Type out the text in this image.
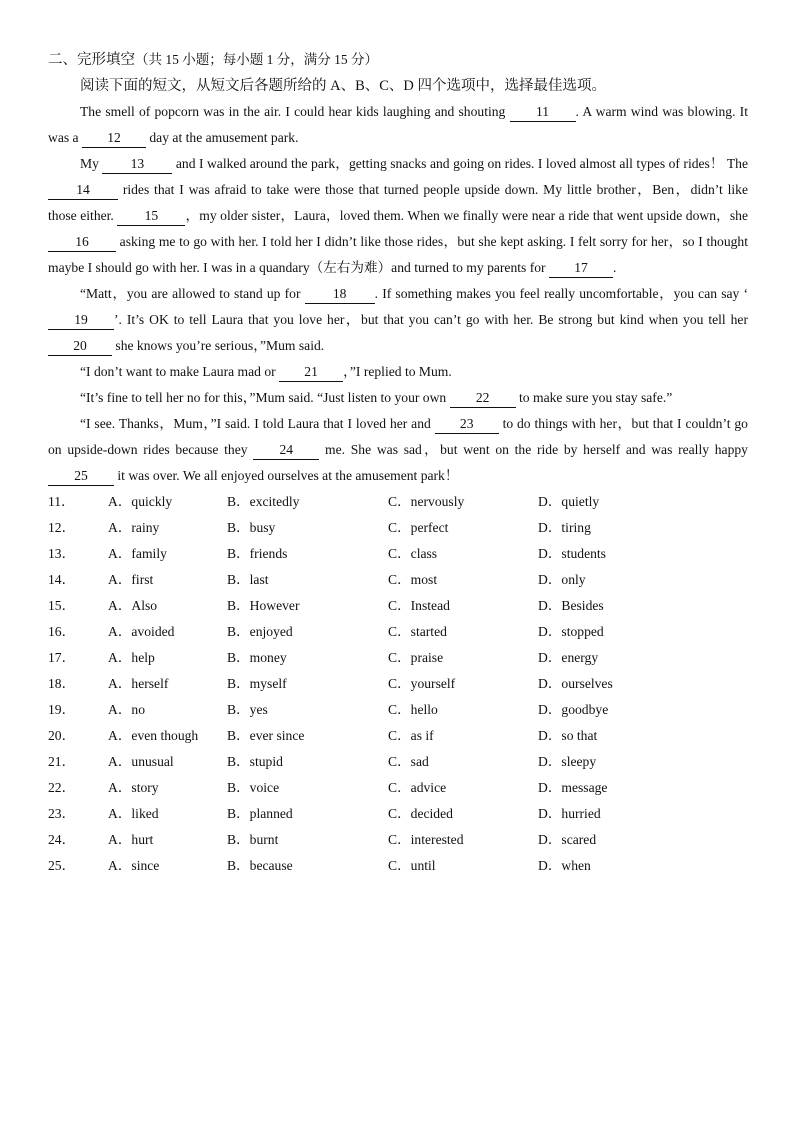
二、完形填空（共 15 小题；每小题 1 分，满分 15 分）
阅读下面的短文，从短文后各题所给的 A、B、C、D 四个选项中，选择最佳选项。

The smell of popcorn was in the air. I could hear kids laughing and shouting 11 . A warm wind was blowing. It was a 12 day at the amusement park.

My 13 and I walked around the park，getting snacks and going on rides. I loved almost all types of rides！ The 14 rides that I was afraid to take were those that turned people upside down. My little brother，Ben，didn’t like those either. 15 ，my older sister，Laura，loved them. When we finally were near a ride that went upside down，she 16 asking me to go with her. I told her I didn’t like those rides，but she kept asking. I felt sorry for her，so I thought maybe I should go with her. I was in a quandary（左右为难）and turned to my parents for 17 .

“Matt，you are allowed to stand up for 18 . If something makes you feel really uncomfortable，you can say ‘19 ’. It’s OK to tell Laura that you love her，but that you can’t go with her. Be strong but kind when you tell her 20 she knows you’re serious，”Mum said.

“I don’t want to make Laura mad or 21 ，”I replied to Mum.

“It’s fine to tell her no for this，”Mum said. “Just listen to your own 22 to make sure you stay safe.”

“I see. Thanks，Mum，”I said. I told Laura that I loved her and 23 to do things with her，but that I couldn’t go on upside-down rides because they 24 me. She was sad，but went on the ride by herself and was really happy 25 it was over. We all enjoyed ourselves at the amusement park！

11． A．quickly	B．excitedly	C．nervously	D．quietly
12． A．rainy	B．busy	C．perfect	D．tiring
13． A．family	B．friends	C．class	D．students
14． A．first	B．last	C．most	D．only
15． A．Also	B．However	C．Instead	D．Besides
16． A．avoided	B．enjoyed	C．started	D．stopped
17． A．help	B．money	C．praise	D．energy
18． A．herself	B．myself	C．yourself	D．ourselves
19． A．no	B．yes	C．hello	D．goodbye
20． A．even though B．ever since	C．as if	D．so that
21． A．unusual	B．stupid	C．sad	D．sleepy
22． A．story	B．voice	C．advice	D．message
23． A．liked	B．planned	C．decided	D．hurried
24． A．hurt	B．burnt	C．interested	D．scared
25． A．since	B．because	C．until	D．when
